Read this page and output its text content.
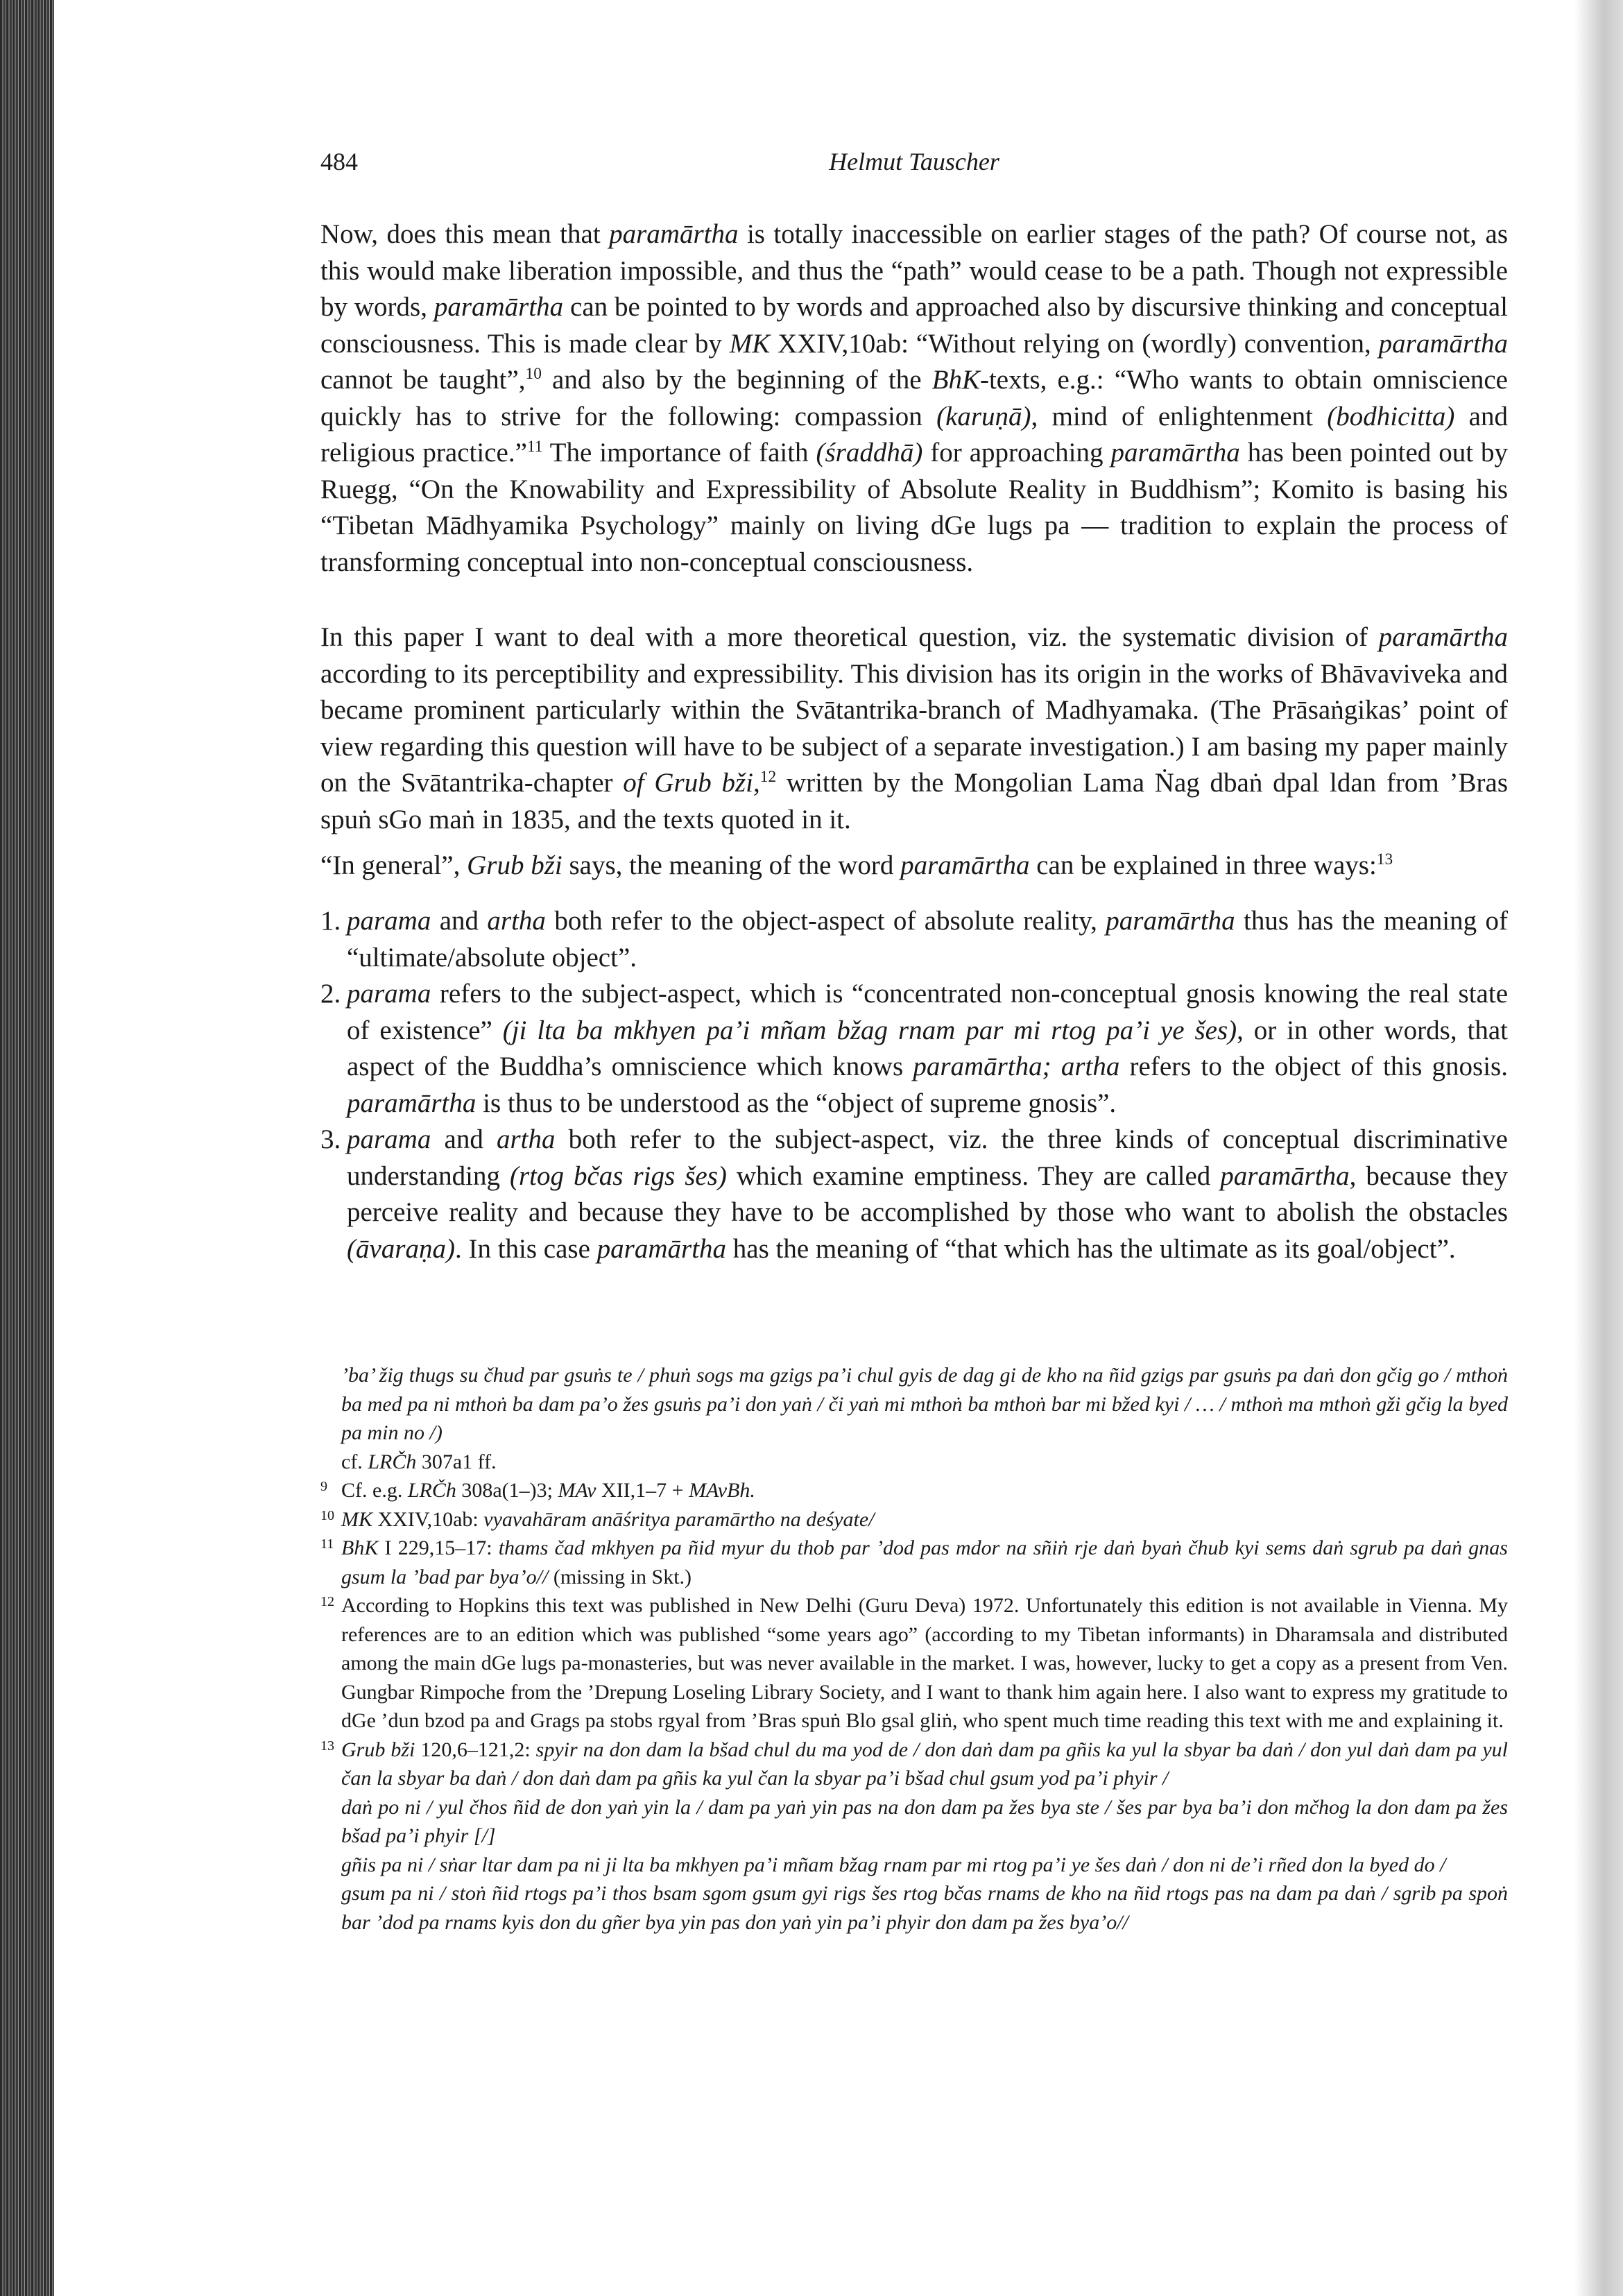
484	Helmut Tauscher
Now, does this mean that paramārtha is totally inaccessible on earlier stages of the path? Of course not, as this would make liberation impossible, and thus the “path” would cease to be a path. Though not expressible by words, paramārtha can be pointed to by words and approached also by discursive thinking and conceptual consciousness. This is made clear by MK XXIV,10ab: “Without relying on (wordly) convention, paramārtha cannot be taught”,$^{10}$ and also by the beginning of the BhK-texts, e.g.: “Who wants to obtain omniscience quickly has to strive for the following: compassion (karuṇā), mind of enlightenment (bodhicitta) and religious practice.”$^{11}$ The importance of faith (śraddhā) for approaching paramārtha has been pointed out by Ruegg, “On the Knowability and Expressibility of Absolute Reality in Buddhism”; Komito is basing his “Tibetan Mādhyamika Psychology” mainly on living dGe lugs pa — tradition to explain the process of transforming conceptual into non-conceptual consciousness.
In this paper I want to deal with a more theoretical question, viz. the systematic division of paramārtha according to its perceptibility and expressibility. This division has its origin in the works of Bhāvaviveka and became prominent particularly within the Svātantrika-branch of Madhyamaka. (The Prāsaṅgikas’ point of view regarding this question will have to be subject of a separate investigation.) I am basing my paper mainly on the Svātantrika-chapter of Grub bži,$^{12}$ written by the Mongolian Lama Ṅag dbaṅ dpal ldan from ’Bras spuṅ sGo maṅ in 1835, and the texts quoted in it.
“In general”, Grub bži says, the meaning of the word paramārtha can be explained in three ways:$^{13}$
1. parama and artha both refer to the object-aspect of absolute reality, paramārtha thus has the meaning of “ultimate/absolute object”.
2. parama refers to the subject-aspect, which is “concentrated non-conceptual gnosis knowing the real state of existence” (ji lta ba mkhyen pa’i mñam bžag rnam par mi rtog pa’i ye šes), or in other words, that aspect of the Buddha’s omniscience which knows paramārtha; artha refers to the object of this gnosis. paramārtha is thus to be understood as the “object of supreme gnosis”.
3. parama and artha both refer to the subject-aspect, viz. the three kinds of conceptual discriminative understanding (rtog bčas rigs šes) which examine emptiness. They are called paramārtha, because they perceive reality and because they have to be accomplished by those who want to abolish the obstacles (āvaraṇa). In this case paramārtha has the meaning of “that which has the ultimate as its goal/object”.
’ba’ žig thugs su čhud par gsuṅs te / phuṅ sogs ma gzigs pa’i chul gyis de dag gi de kho na ñid gzigs par gsuṅs pa daṅ don gčig go / mthoṅ ba med pa ni mthoṅ ba dam pa’o žes gsuṅs pa’i don yaṅ / či yaṅ mi mthoṅ ba mthoṅ bar mi bžed kyi / … / mthoṅ ma mthoṅ gži gčig la byed pa min no /)
cf. LRČh 307a1 ff.
9 Cf. e.g. LRČh 308a(1–)3; MAv XII,1–7 + MAvBh.
10 MK XXIV,10ab: vyavahāram anāśritya paramārtho na deśyate/
11 BhK I 229,15–17: thams čad mkhyen pa ñid myur du thob par ’dod pas mdor na sñiṅ rje daṅ byaṅ čhub kyi sems daṅ sgrub pa daṅ gnas gsum la ’bad par bya’o// (missing in Skt.)
12 According to Hopkins this text was published in New Delhi (Guru Deva) 1972. Unfortunately this edition is not available in Vienna. My references are to an edition which was published “some years ago” (according to my Tibetan informants) in Dharamsala and distributed among the main dGe lugs pa-monasteries, but was never available in the market. I was, however, lucky to get a copy as a present from Ven. Gungbar Rimpoche from the ’Drepung Loseling Library Society, and I want to thank him again here. I also want to express my gratitude to dGe ’dun bzod pa and Grags pa stobs rgyal from ’Bras spuṅ Blo gsal gliṅ, who spent much time reading this text with me and explaining it.
13 Grub bži 120,6–121,2: spyir na don dam la bšad chul du ma yod de / don daṅ dam pa gñis ka yul la sbyar ba daṅ / don yul daṅ dam pa yul čan la sbyar ba daṅ / don daṅ dam pa gñis ka yul čan la sbyar pa’i bšad chul gsum yod pa’i phyir /
daṅ po ni / yul čhos ñid de don yaṅ yin la / dam pa yaṅ yin pas na don dam pa žes bya ste / šes par bya ba’i don mčhog la don dam pa žes bšad pa’i phyir [/]
gñis pa ni / sṅar ltar dam pa ni ji lta ba mkhyen pa’i mñam bžag rnam par mi rtog pa’i ye šes daṅ / don ni de’i rñed don la byed do /
gsum pa ni / stoṅ ñid rtogs pa’i thos bsam sgom gsum gyi rigs šes rtog bčas rnams de kho na ñid rtogs pas na dam pa daṅ / sgrib pa spoṅ bar ’dod pa rnams kyis don du gñer bya yin pas don yaṅ yin pa’i phyir don dam pa žes bya’o//
